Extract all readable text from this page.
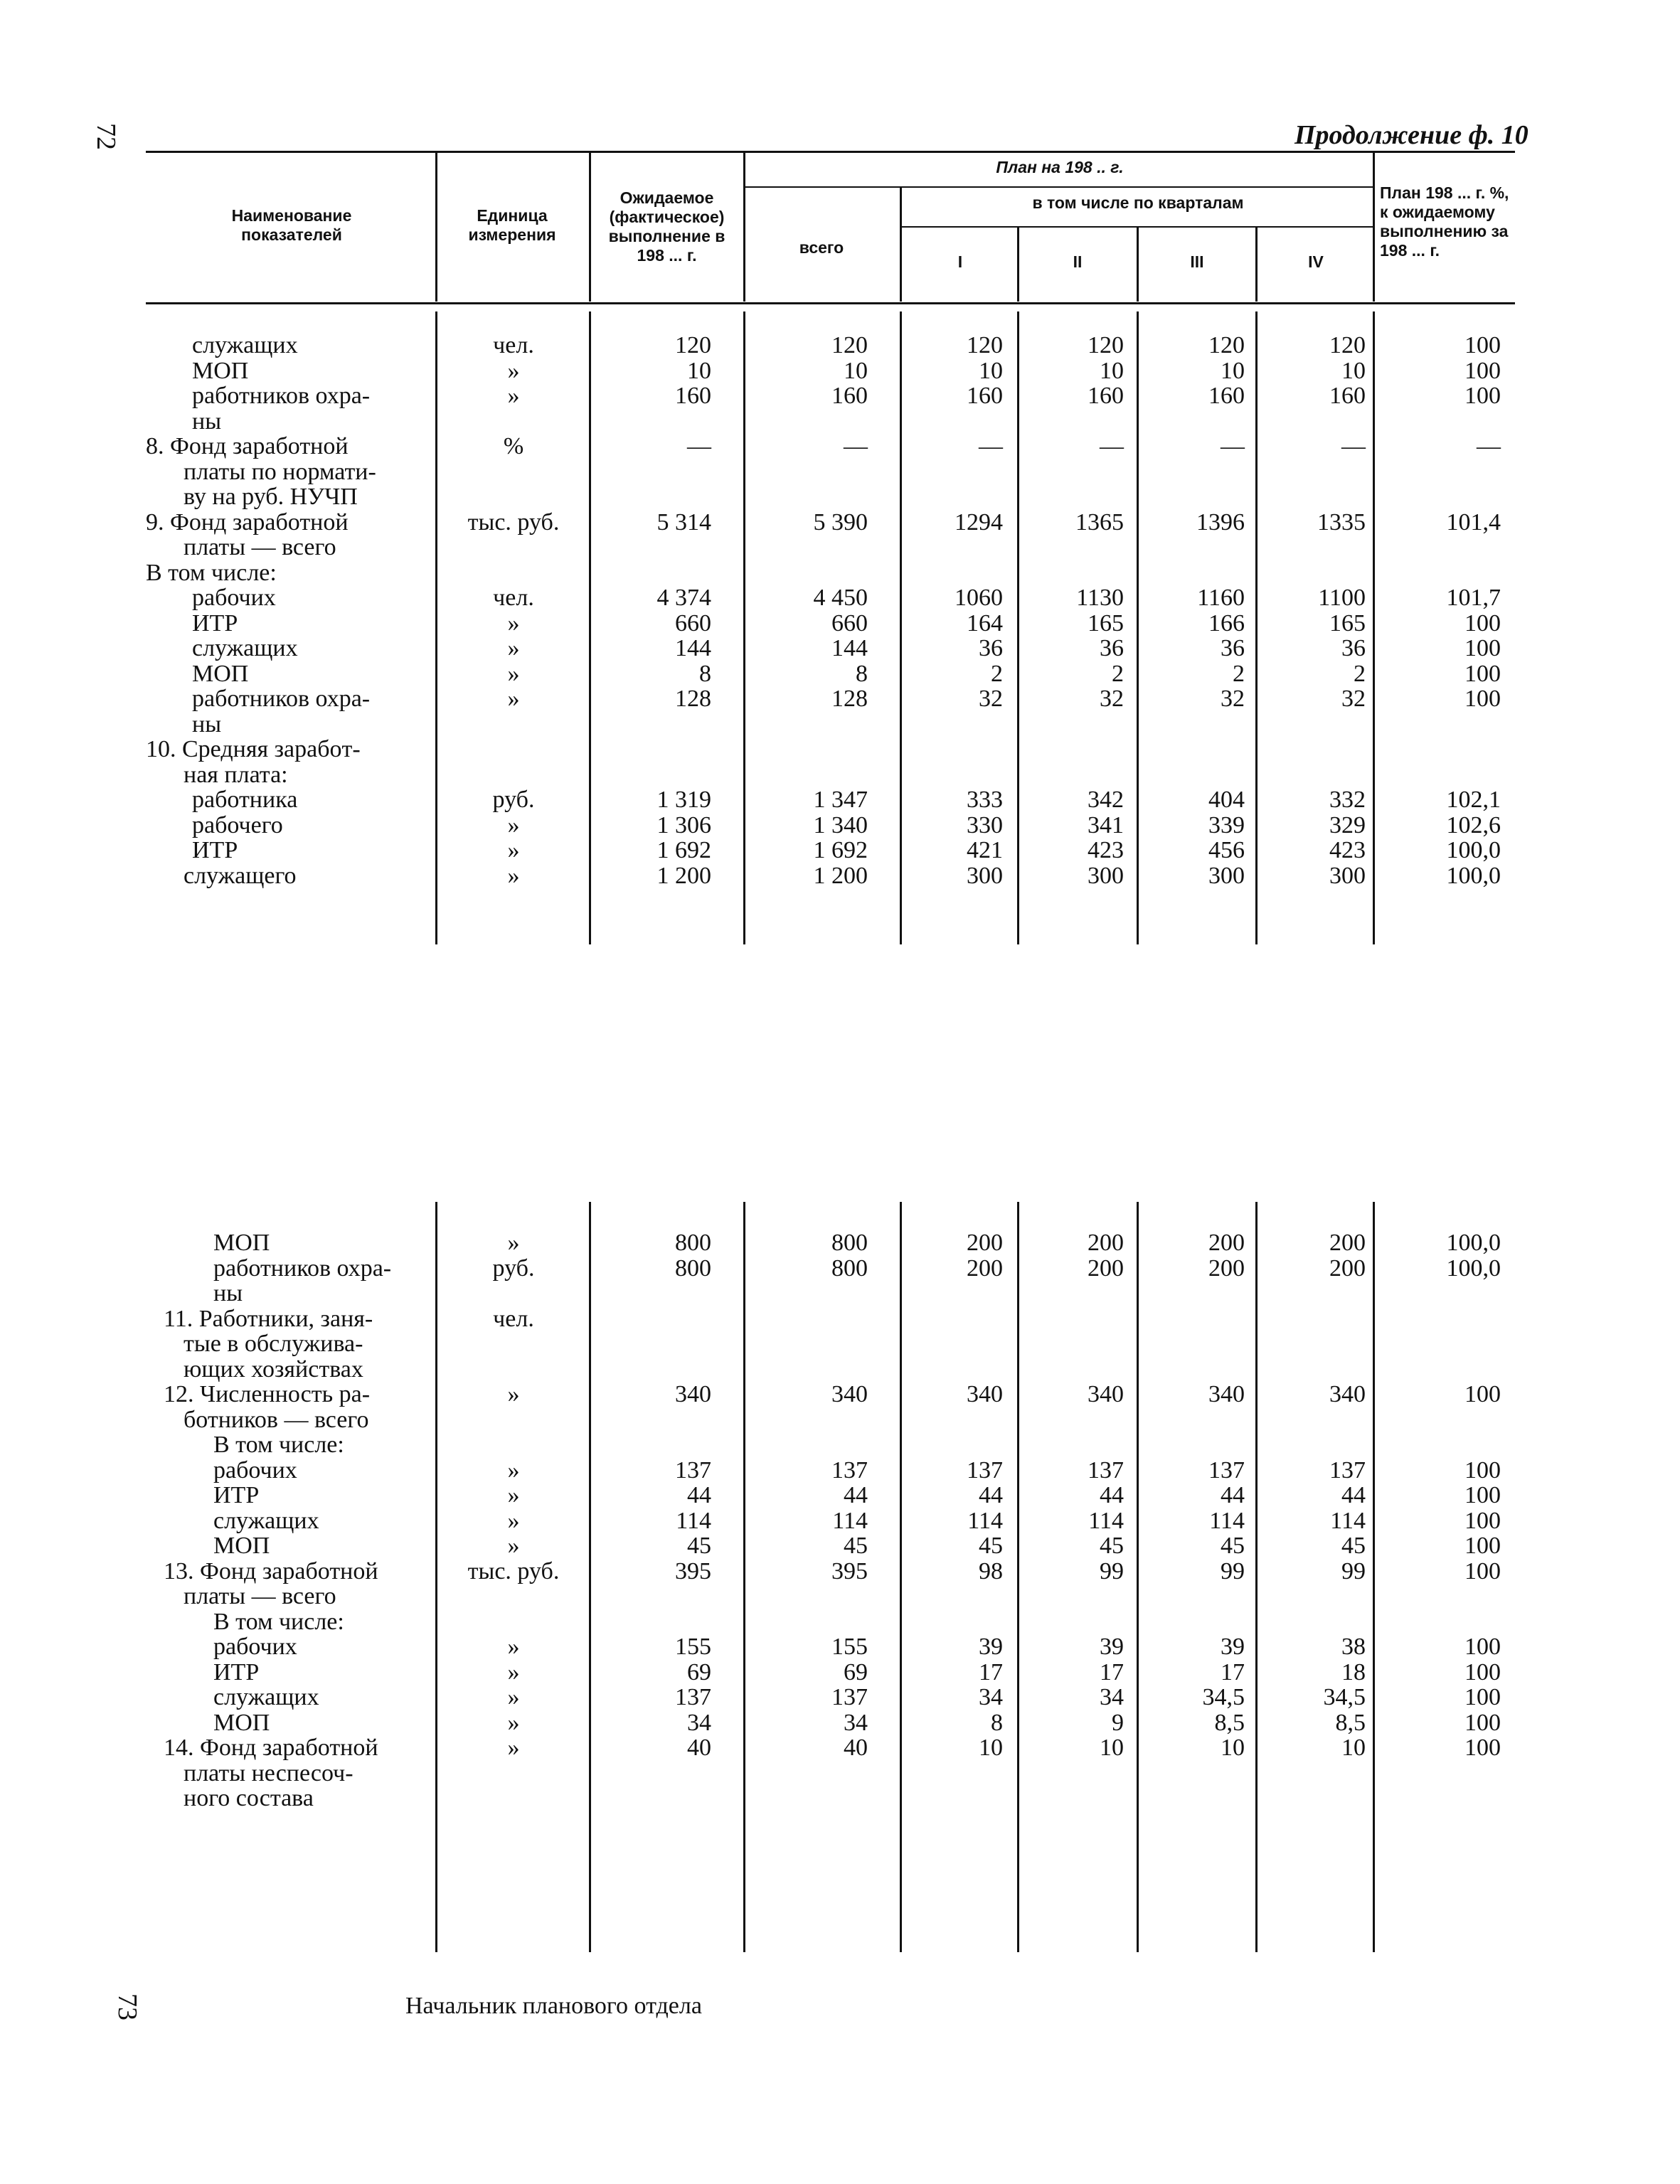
72
73
Продолжение ф. 10
Наименование показателей
Единица измерения
Ожидаемое (фактическое) выполнение в 198 ... г.
План на 198 .. г.
всего
в том числе по кварталам
I	II	III	IV
План 198 ... г. %, к ожидаемому выполнению за 198 ... г.
служащих	чел.	120	120	120	120	120	120	100
МОП	»	10	10	10	10	10	10	100
работников охра-	»	160	160	160	160	160	160	100
ны
8. Фонд заработной	%	—	—	—	—	—	—	—
платы по нормати-
ву на руб. НУЧП
9. Фонд заработной	тыс. руб.	5 314	5 390	1294	1365	1396	1335	101,4
платы — всего
В том числе:
рабочих	чел.	4 374	4 450	1060	1130	1160	1100	101,7
ИТР	»	660	660	164	165	166	165	100
служащих	»	144	144	36	36	36	36	100
МОП	»	8	8	2	2	2	2	100
работников охра-	»	128	128	32	32	32	32	100
ны
10. Средняя зарабoт-
ная плата:
работника	руб.	1 319	1 347	333	342	404	332	102,1
рабочего	»	1 306	1 340	330	341	339	329	102,6
ИТР	»	1 692	1 692	421	423	456	423	100,0
служащего	»	1 200	1 200	300	300	300	300	100,0
МОП	»	800	800	200	200	200	200	100,0
работников охра-	руб.	800	800	200	200	200	200	100,0
ны
11. Работники, заня-	чел.
тые в обслужива-
ющих хозяйствах
12. Численность ра-	»	340	340	340	340	340	340	100
ботников — всего
В том числе:
рабочих	»	137	137	137	137	137	137	100
ИТР	»	44	44	44	44	44	44	100
служащих	»	114	114	114	114	114	114	100
МОП	»	45	45	45	45	45	45	100
13. Фонд заработной	тыс. руб.	395	395	98	99	99	99	100
платы — всего
В том числе:
рабочих	»	155	155	39	39	39	38	100
ИТР	»	69	69	17	17	17	18	100
служащих	»	137	137	34	34	34,5	34,5	100
МОП	»	34	34	8	9	8,5	8,5	100
14. Фонд заработной	»	40	40	10	10	10	10	100
платы неспесоч-
ного состава
Начальник планового отдела
